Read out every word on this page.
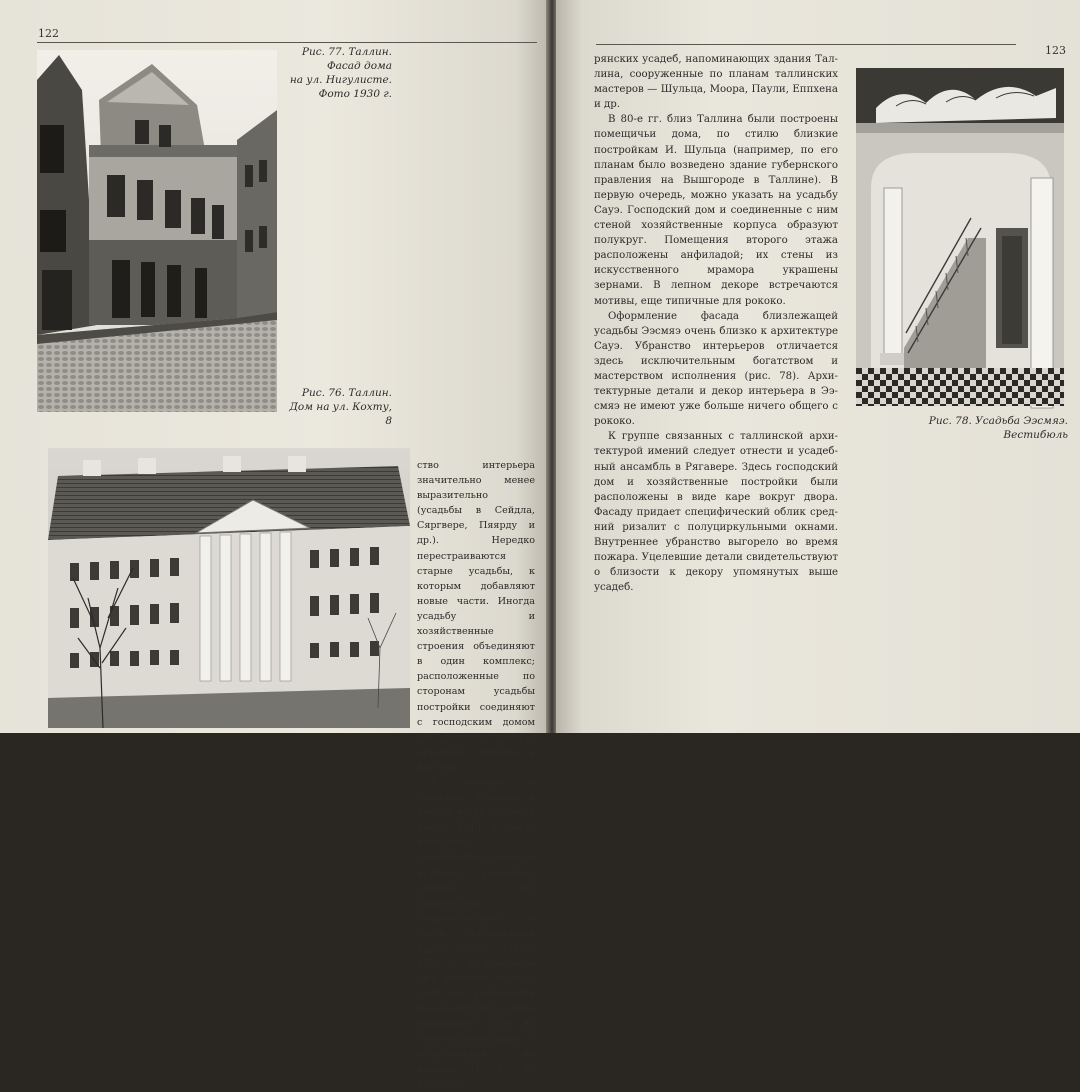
122
Рис. 77. Таллин.
Фасад дома
на ул. Нигулисте.
Фото 1930 г.
Рис. 76. Таллин.
Дом на ул. Кохту, 8

ство интерьера значительно менее выразительно (усадьбы в Сейдла, Сяргвере, Пяярду и др.). Нередко перестраиваются старые усадьбы, к которым добавляют новые части. Иногда усадьбу и хозяйственные строения объединяют в один комплекс; расположенные по сторонам усадьбы постройки соединяют с господским домом при помощи стены с аркадами (имение в Кылтси).

В отличие от северной Эстонии, в южной части страны в конце XVIII в. было построено сравнительно немного крупных усадебных зданий. Их архитектура свидетельствует о связи с постройками Тарту. Около 1782—1785 гг. в Элиствере был возведен господский дом, композиция фасада которого очень напоминает дом на Советской площади, 8, сооруженный по планам И. Г. Б. Вальтера.

123

рянских усадеб, напоминающих здания Таллина, сооруженные по планам таллинских мастеров — Шульца, Моора, Паули, Еппхена и др.

В 80-е гг. близ Таллина были построены помещичьи дома, по стилю близкие постройкам И. Шульца (например, по его планам было возведено здание губернского правления на Вышгороде в Таллине). В первую очередь, можно указать на усадьбу Сауэ. Господский дом и соединенные с ним стеной хозяйственные корпуса образуют полукруг. Помещения второго этажа расположены анфиладой; их стены из искусственного мрамора украшены зернами. В лепном декоре встречаются мотивы, еще типичные для рококо.

Оформление фасада близлежащей усадьбы Ээсмяэ очень близко к архитектуре Сауэ. Убранство интерьеров отличается здесь исключительным богатством и мастерством исполнения (рис. 78). Архитектурные детали и декор интерьера в Ээсмяэ не имеют уже больше ничего общего с рококо.

К группе связанных с таллинской архитектурой имений следует отнести и усадебный ансамбль в Рягавере. Здесь господский дом и хозяйственные постройки были расположены в виде каре вокруг двора. Фасаду придает специфический облик средний ризалит с полуциркульными окнами. Внутреннее убранство выгорело во время пожара. Уцелевшие детали свидетельствуют о близости к декору упомянутых выше усадеб.

Рис. 78. Усадьба Ээсмяэ.
Вестибюль
